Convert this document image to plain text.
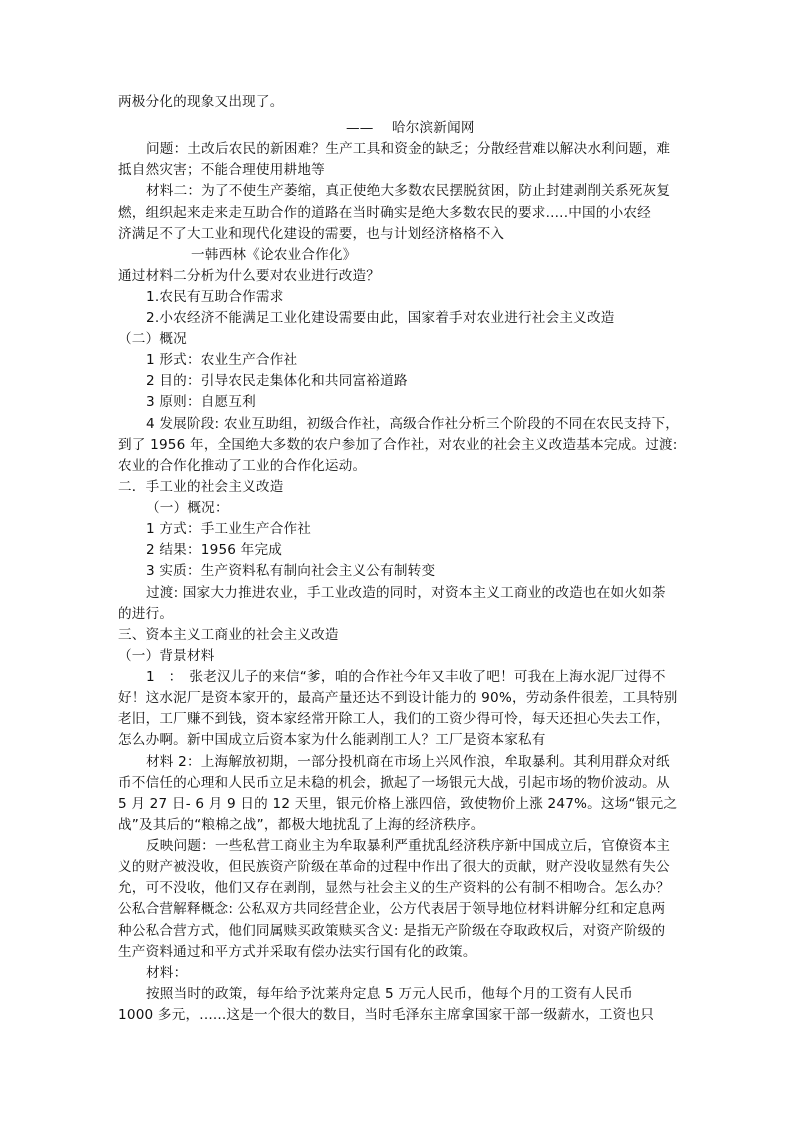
两极分化的现象又出现了。
——　 哈尔滨新闻网
问题：土改后农民的新困难？生产工具和资金的缺乏；分散经营难以解决水利问题，难
抵自然灾害；不能合理使用耕地等
材料二：为了不使生产萎缩，真正使绝大多数农民摆脱贫困，防止封建剥削关系死灰复
燃，组织起来走来走互助合作的道路在当时确实是绝大多数农民的要求.....中国的小农经
济满足不了大工业和现代化建设的需要，也与计划经济格格不入
一韩西林《论农业合作化》
通过材料二分析为什么要对农业进行改造？
1.农民有互助合作需求
2.小农经济不能满足工业化建设需要由此，国家着手对农业进行社会主义改造
（二）概况
1 形式：农业生产合作社
2 目的：引导农民走集体化和共同富裕道路
3 原则：自愿互利
4 发展阶段: 农业互助组，初级合作社，高级合作社分析三个阶段的不同在农民支持下，
到了 1956 年，全国绝大多数的农户参加了合作社，对农业的社会主义改造基本完成。过渡:
农业的合作化推动了工业的合作化运动。
二．手工业的社会主义改造
（一）概况：
1 方式：手工业生产合作社
2 结果：1956 年完成
3 实质：生产资料私有制向社会主义公有制转变
过渡: 国家大力推进农业，手工业改造的同时，对资本主义工商业的改造也在如火如荼
的进行。
三、资本主义工商业的社会主义改造
（一）背景材料
1　：　张老汉儿子的来信“爹，咱的合作社今年又丰收了吧！可我在上海水泥厂过得不
好！这水泥厂是资本家开的，最高产量还达不到设计能力的 90%，劳动条件很差，工具特别
老旧，工厂赚不到钱，资本家经常开除工人，我们的工资少得可怜，每天还担心失去工作，
怎么办啊。新中国成立后资本家为什么能剥削工人？工厂是资本家私有
材料 2：上海解放初期，一部分投机商在市场上兴风作浪，牟取暴利。其利用群众对纸
币不信任的心理和人民币立足未稳的机会，掀起了一场银元大战，引起市场的物价波动。从
5 月 27 日- 6 月 9 日的 12 天里，银元价格上涨四倍，致使物价上涨 247%。这场“银元之
战”及其后的“粮棉之战”，都极大地扰乱了上海的经济秩序。
反映问题：一些私营工商业主为牟取暴利严重扰乱经济秩序新中国成立后，官僚资本主
义的财产被没收，但民族资产阶级在革命的过程中作出了很大的贡献，财产没收显然有失公
允，可不没收，他们又存在剥削，显然与社会主义的生产资料的公有制不相吻合。怎么办？
公私合营解释概念: 公私双方共同经营企业，公方代表居于领导地位材料讲解分红和定息两
种公私合营方式，他们同属赎买政策赎买含义: 是指无产阶级在夺取政权后，对资产阶级的
生产资料通过和平方式并采取有偿办法实行国有化的政策。
材料：
按照当时的政策，每年给予沈莱舟定息 5 万元人民币，他每个月的工资有人民币
1000 多元，......这是一个很大的数目，当时毛泽东主席拿国家干部一级薪水，工资也只
